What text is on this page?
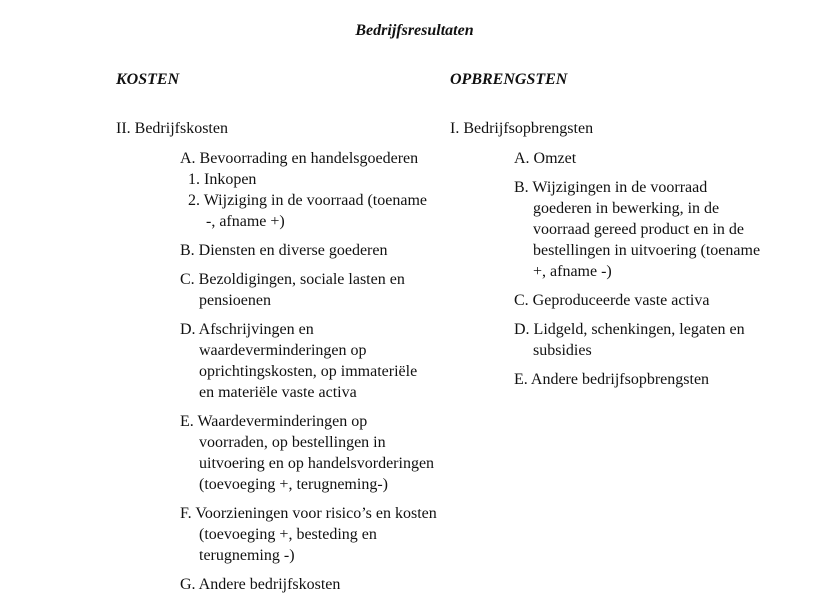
Bedrijfsresultaten
KOSTEN	OPBRENGSTEN
II. Bedrijfskosten
A. Bevoorrading en handelsgoederen
1. Inkopen
2. Wijziging in de voorraad (toename -, afname +)
B. Diensten en diverse goederen
C. Bezoldigingen, sociale lasten en pensioenen
D. Afschrijvingen en waardeverminderingen op oprichtingskosten, op immateriële en materiële vaste activa
E. Waardeverminderingen op voorraden, op bestellingen in uitvoering en op handelsvorderingen (toevoeging +, terugneming-)
F. Voorzieningen voor risico’s en kosten (toevoeging +, besteding en terugneming -)
G. Andere bedrijfskosten
I. Bedrijfsopbrengsten
A. Omzet
B. Wijzigingen in de voorraad goederen in bewerking, in de voorraad gereed product en in de bestellingen in uitvoering (toename +, afname -)
C. Geproduceerde vaste activa
D. Lidgeld, schenkingen, legaten en subsidies
E. Andere bedrijfsopbrengsten
